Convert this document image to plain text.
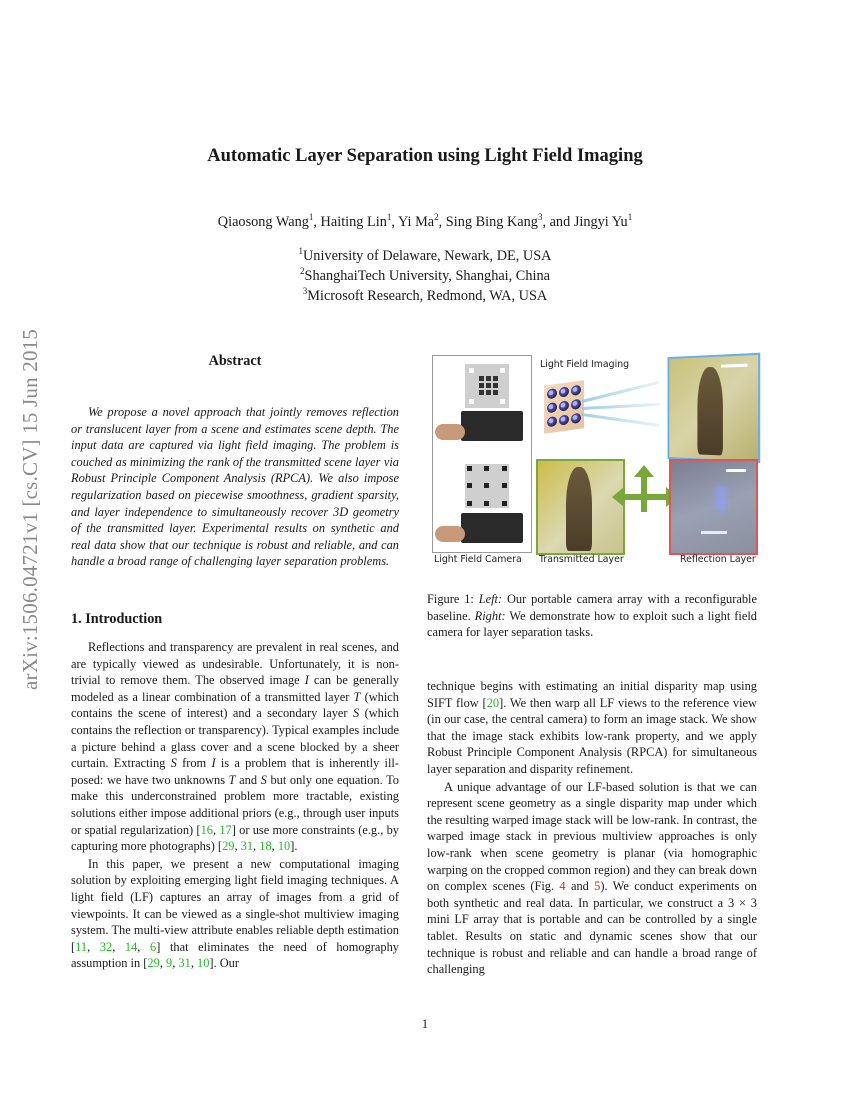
arXiv:1506.04721v1 [cs.CV] 15 Jun 2015
Automatic Layer Separation using Light Field Imaging
Qiaosong Wang$^1$, Haiting Lin$^1$, Yi Ma$^2$, Sing Bing Kang$^3$, and Jingyi Yu$^1$
$^1$University of Delaware, Newark, DE, USA
$^2$ShanghaiTech University, Shanghai, China
$^3$Microsoft Research, Redmond, WA, USA
Abstract

We propose a novel approach that jointly removes reflection or translucent layer from a scene and estimates scene depth. The input data are captured via light field imaging. The problem is couched as minimizing the rank of the transmitted scene layer via Robust Principle Component Analysis (RPCA). We also impose regularization based on piecewise smoothness, gradient sparsity, and layer independence to simultaneously recover 3D geometry of the transmitted layer. Experimental results on synthetic and real data show that our technique is robust and reliable, and can handle a broad range of challenging layer separation problems.

1. Introduction

Reflections and transparency are prevalent in real scenes, and are typically viewed as undesirable. Unfortunately, it is non-trivial to remove them. The observed image I can be generally modeled as a linear combination of a transmitted layer T (which contains the scene of interest) and a secondary layer S (which contains the reflection or transparency). Typical examples include a picture behind a glass cover and a scene blocked by a sheer curtain. Extracting S from I is a problem that is inherently ill-posed: we have two unknowns T and S but only one equation. To make this underconstrained problem more tractable, existing solutions either impose additional priors (e.g., through user inputs or spatial regularization) [16, 17] or use more constraints (e.g., by capturing more photographs) [29, 31, 18, 10].

In this paper, we present a new computational imaging solution by exploiting emerging light field imaging techniques. A light field (LF) captures an array of images from a grid of viewpoints. It can be viewed as a single-shot multiview imaging system. The multi-view attribute enables reliable depth estimation [11, 32, 14, 6] that eliminates the need of homography assumption in [29, 9, 31, 10]. Our

Light Field Imaging
Light Field Camera Transmitted Layer	Reflection Layer
Figure 1: Left: Our portable camera array with a reconfigurable baseline. Right: We demonstrate how to exploit such a light field camera for layer separation tasks.

technique begins with estimating an initial disparity map using SIFT flow [20]. We then warp all LF views to the reference view (in our case, the central camera) to form an image stack. We show that the image stack exhibits low-rank property, and we apply Robust Principle Component Analysis (RPCA) for simultaneous layer separation and disparity refinement.

A unique advantage of our LF-based solution is that we can represent scene geometry as a single disparity map under which the resulting warped image stack will be low-rank. In contrast, the warped image stack in previous multiview approaches is only low-rank when scene geometry is planar (via homographic warping on the cropped common region) and they can break down on complex scenes (Fig. 4 and 5). We conduct experiments on both synthetic and real data. In particular, we construct a 3 × 3 mini LF array that is portable and can be controlled by a single tablet. Results on static and dynamic scenes show that our technique is robust and reliable and can handle a broad range of challenging

1
